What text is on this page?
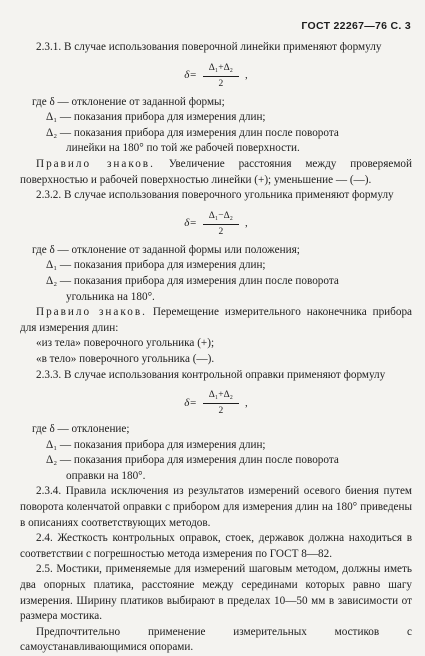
ГОСТ 22267—76 С. 3

2.3.1. В случае использования поверочной линейки применяют формулу

$\delta= \frac{\text{Δ₁+Δ₂}}{2}$ ,

где δ — отклонение от заданной формы;

Δ₁ — показания прибора для измерения длин;

Δ₂ — показания прибора для измерения длин после поворота

линейки на 180° по той же рабочей поверхности.

Правило знаков. Увеличение расстояния между проверяемой поверхностью и рабочей поверхностью линейки (+); уменьшение — (—).

2.3.2. В случае использования поверочного угольника применяют формулу

$\delta= \frac{\text{Δ₁−Δ₂}}{2}$ ,

где δ — отклонение от заданной формы или положения;

Δ₁ — показания прибора для измерения длин;

Δ₂ — показания прибора для измерения длин после поворота

угольника на 180°.

Правило знаков. Перемещение измерительного наконечника прибора для измерения длин:

«из тела» поверочного угольника (+);

«в тело» поверочного угольника (—).

2.3.3. В случае использования контрольной оправки применяют формулу

$\delta= \frac{\text{Δ₁+Δ₂}}{2}$ ,

где δ — отклонение;

Δ₁ — показания прибора для измерения длин;

Δ₂ — показания прибора для измерения длин после поворота

оправки на 180°.

2.3.4. Правила исключения из результатов измерений осевого биения путем поворота коленчатой оправки с прибором для измерения длин на 180° приведены в описаниях соответствующих методов.

2.4. Жесткость контрольных оправок, стоек, державок должна находиться в соответствии с погрешностью метода измерения по ГОСТ 8—82.

2.5. Мостики, применяемые для измерений шаговым методом, должны иметь два опорных платика, расстояние между серединами которых равно шагу измерения. Ширину платиков выбирают в пределах 10—50 мм в зависимости от размера мостика.

Предпочтительно применение измерительных мостиков с самоустанавливающимися опорами.
